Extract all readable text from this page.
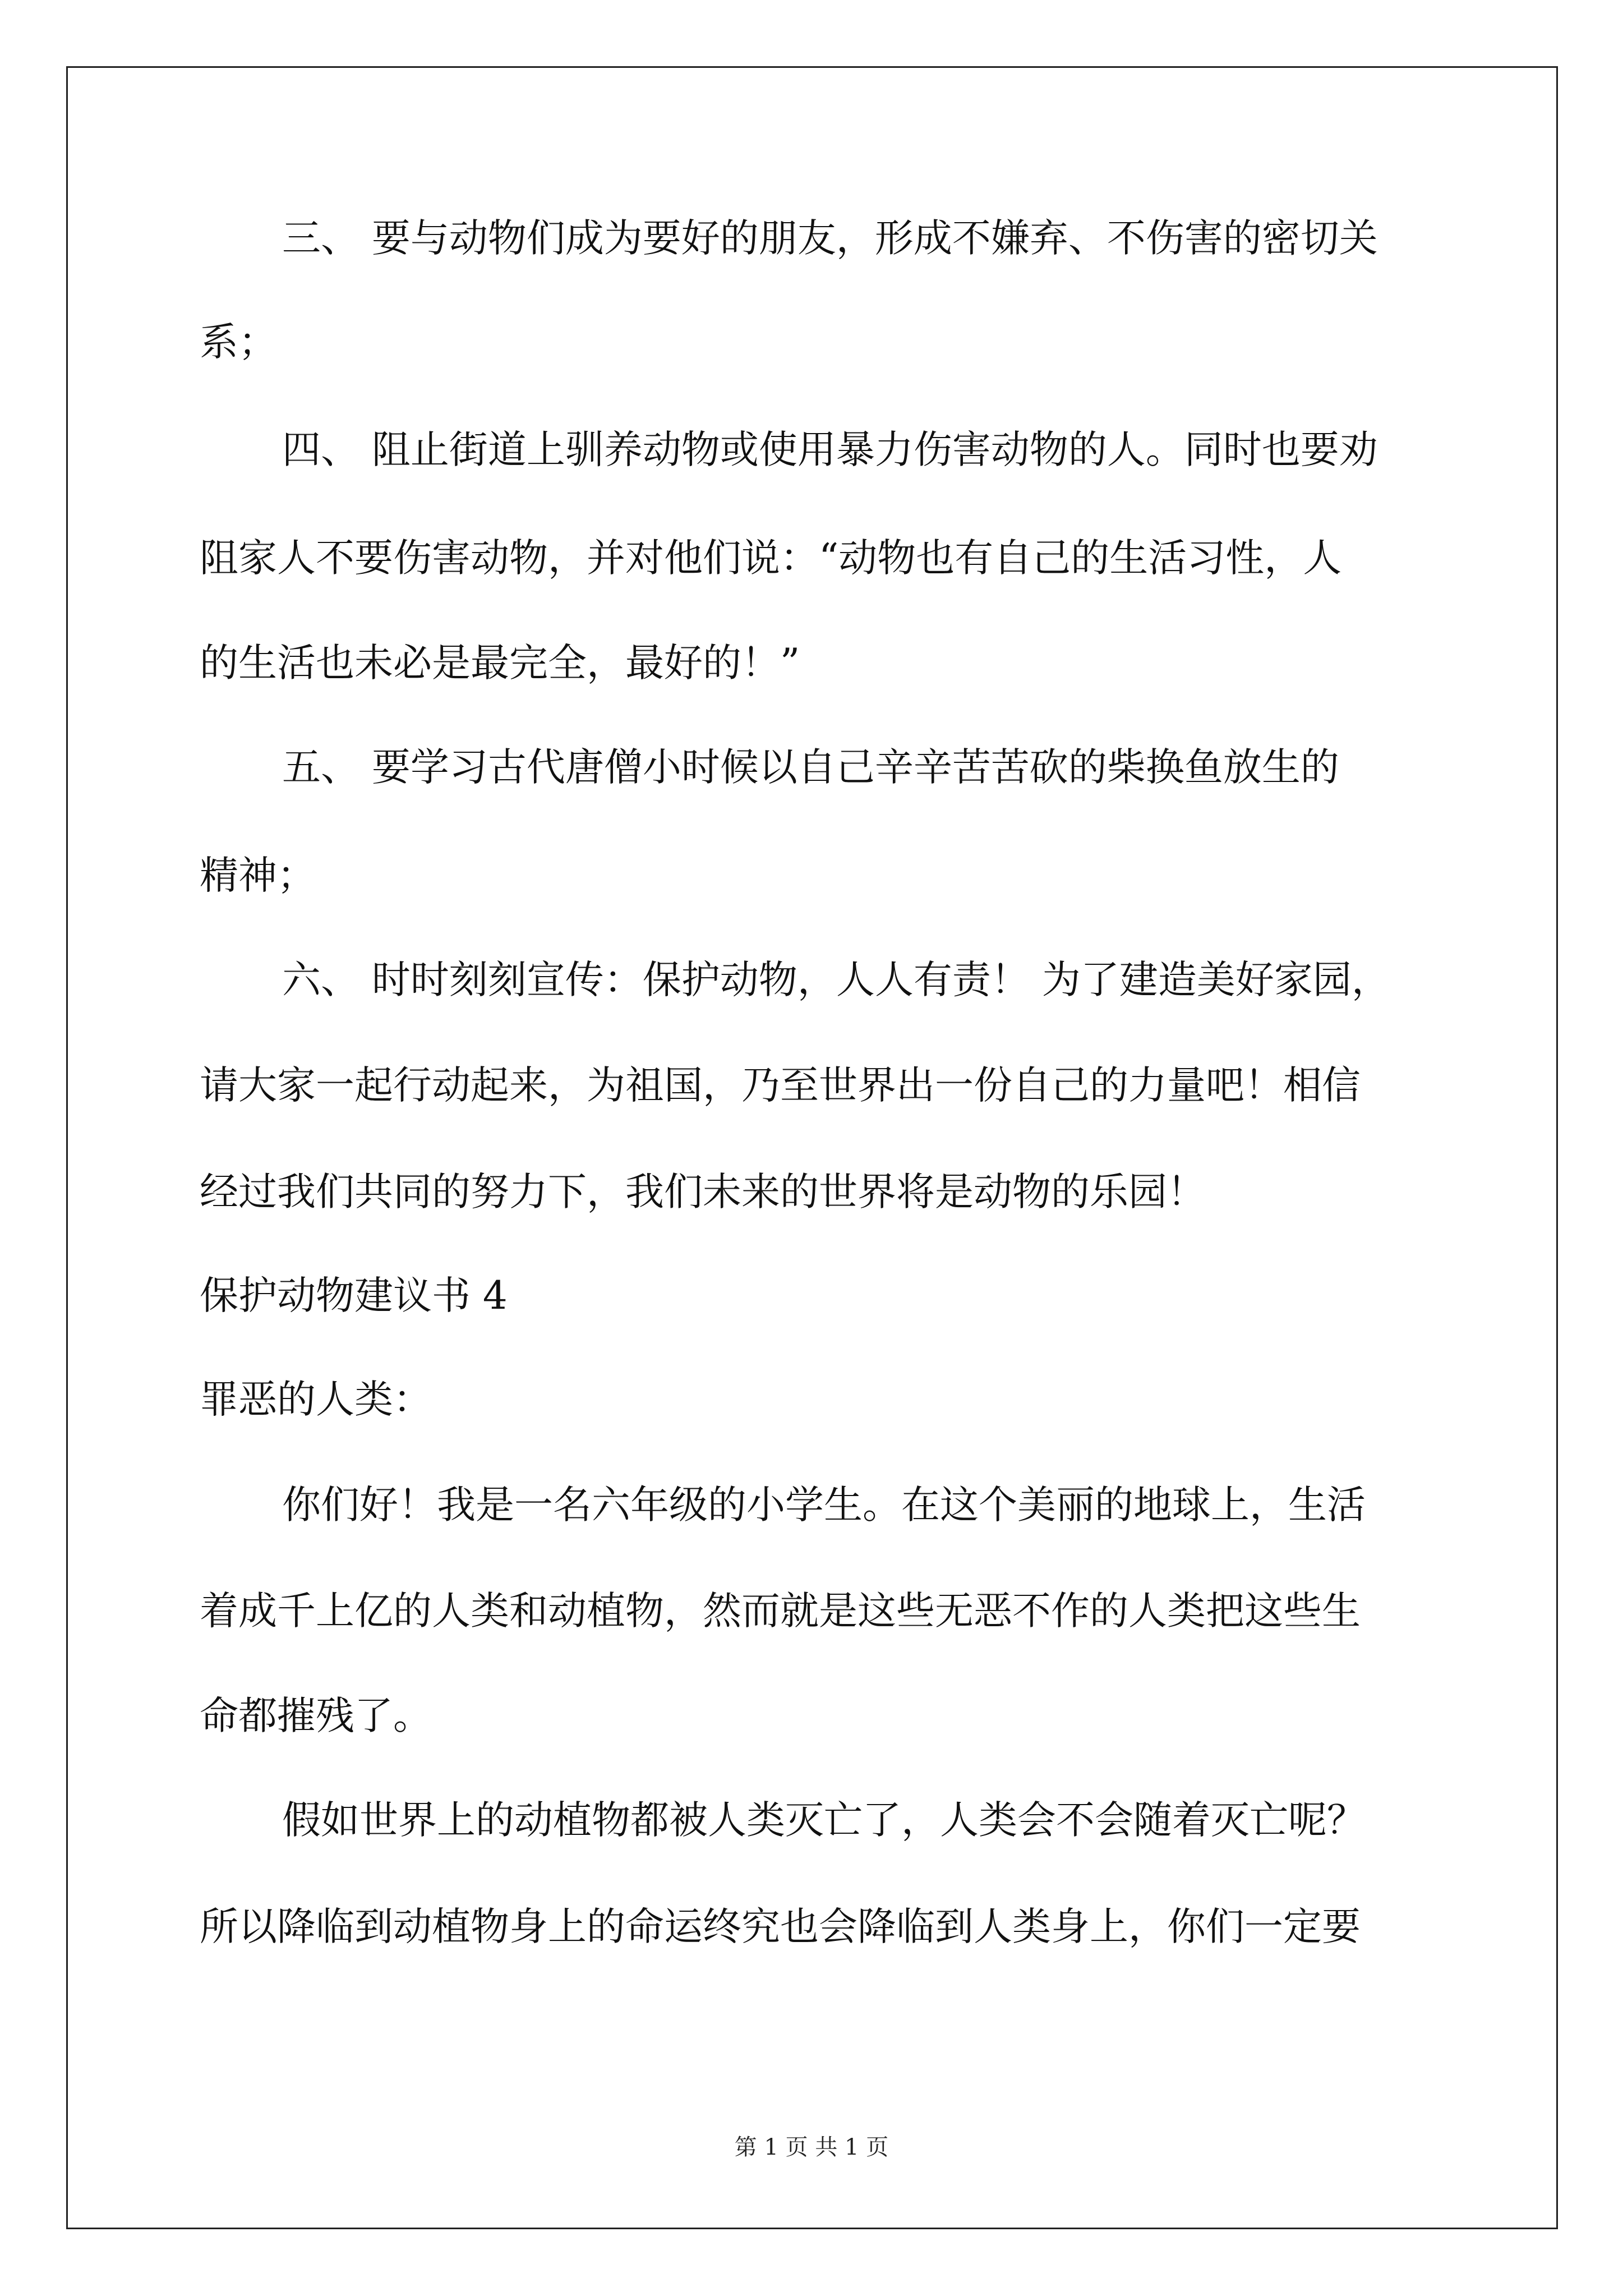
三、 要与动物们成为要好的朋友，形成不嫌弃、不伤害的密切关
系；
四、 阻止街道上驯养动物或使用暴力伤害动物的人。同时也要劝
阻家人不要伤害动物，并对他们说：“动物也有自己的生活习性，人
的生活也未必是最完全，最好的！”
五、 要学习古代唐僧小时候以自己辛辛苦苦砍的柴换鱼放生的
精神；
六、 时时刻刻宣传：保护动物，人人有责！ 为了建造美好家园，
请大家一起行动起来，为祖国，乃至世界出一份自己的力量吧！相信
经过我们共同的努力下，我们未来的世界将是动物的乐园！
保护动物建议书 4
罪恶的人类：
你们好！我是一名六年级的小学生。在这个美丽的地球上，生活
着成千上亿的人类和动植物，然而就是这些无恶不作的人类把这些生
命都摧残了。
假如世界上的动植物都被人类灭亡了，人类会不会随着灭亡呢？
所以降临到动植物身上的命运终究也会降临到人类身上，你们一定要
第 1 页 共 1 页
